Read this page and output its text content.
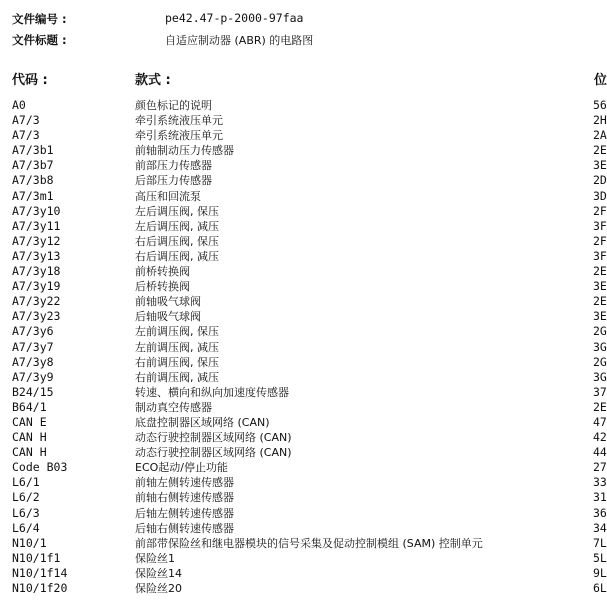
文件编号 :	pe42.47-p-2000-97faa
文件标题 :	自适应制动器 (ABR) 的电路图
代码 :	款式 :	位
A0	颜色标记的说明	56
A7/3	牵引系统液压单元	2H
A7/3	牵引系统液压单元	2A
A7/3b1	前轴制动压力传感器	2E
A7/3b7	前部压力传感器	3E
A7/3b8	后部压力传感器	2D
A7/3m1	高压和回流泵	3D
A7/3y10	左后调压阀, 保压	2F
A7/3y11	左后调压阀, 减压	3F
A7/3y12	右后调压阀, 保压	2F
A7/3y13	右后调压阀, 减压	3F
A7/3y18	前桥转换阀	2E
A7/3y19	后桥转换阀	3E
A7/3y22	前轴吸气球阀	2E
A7/3y23	后轴吸气球阀	3E
A7/3y6	左前调压阀, 保压	2G
A7/3y7	左前调压阀, 减压	3G
A7/3y8	右前调压阀, 保压	2G
A7/3y9	右前调压阀, 减压	3G
B24/15	转速、横向和纵向加速度传感器	37
B64/1	制动真空传感器	2E
CAN E	底盘控制器区域网络 (CAN)	47
CAN H	动态行驶控制器区域网络 (CAN)	42
CAN H	动态行驶控制器区域网络 (CAN)	44
Code B03	ECO起动/停止功能	27
L6/1	前轴左侧转速传感器	33
L6/2	前轴右侧转速传感器	31
L6/3	后轴左侧转速传感器	36
L6/4	后轴右侧转速传感器	34
N10/1	前部带保险丝和继电器模块的信号采集及促动控制模组 (SAM) 控制单元	7L
N10/1f1	保险丝1	5L
N10/1f14	保险丝14	9L
N10/1f20	保险丝20	6L
